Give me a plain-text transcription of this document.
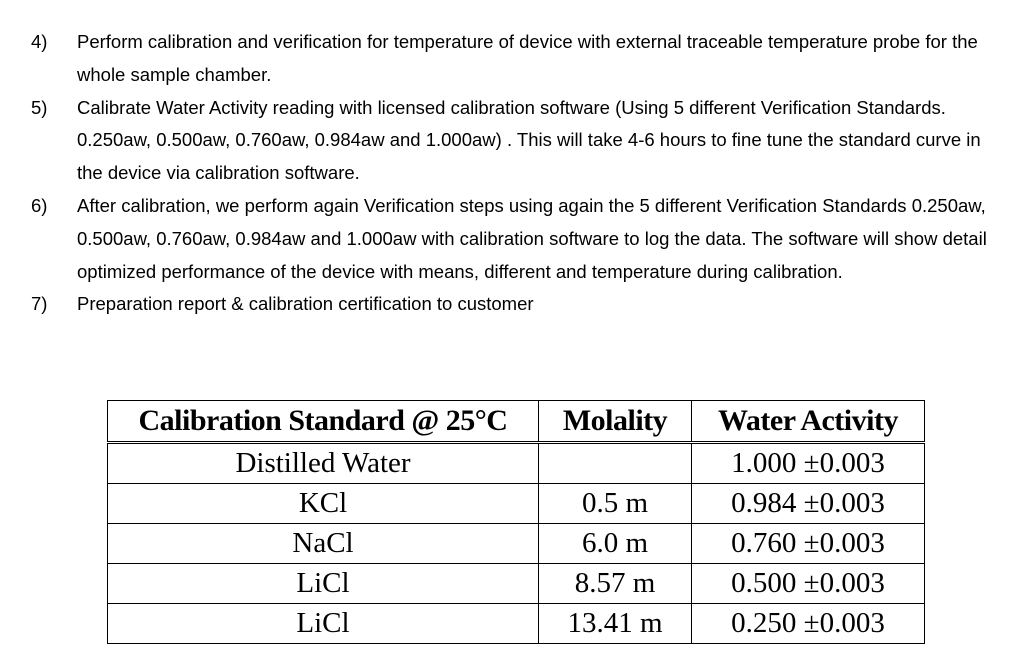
4) Perform calibration and verification for temperature of device with external traceable temperature probe for the whole sample chamber.
5) Calibrate Water Activity reading with licensed calibration software (Using 5 different Verification Standards. 0.250aw, 0.500aw, 0.760aw, 0.984aw and 1.000aw) . This will take 4-6 hours to fine tune the standard curve in the device via calibration software.
6) After calibration, we perform again Verification steps using again the 5 different Verification Standards 0.250aw, 0.500aw, 0.760aw, 0.984aw and 1.000aw with calibration software to log the data. The software will show detail optimized performance of the device with means, different and temperature during calibration.
7) Preparation report & calibration certification to customer
Calibration Standard @ 25°C	Molality	Water Activity
Distilled Water		1.000 ±0.003
KCl	0.5 m	0.984 ±0.003
NaCl	6.0 m	0.760 ±0.003
LiCl	8.57 m	0.500 ±0.003
LiCl	13.41 m	0.250 ±0.003
